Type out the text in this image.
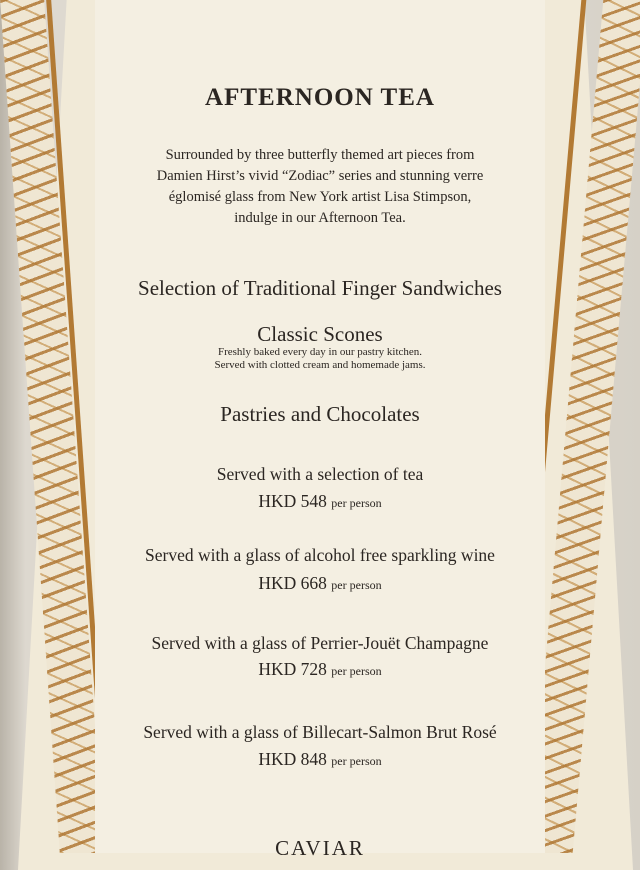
AFTERNOON TEA
Surrounded by three butterfly themed art pieces from
Damien Hirst’s vivid “Zodiac” series and stunning verre
églomisé glass from New York artist Lisa Stimpson,
indulge in our Afternoon Tea.
Selection of Traditional Finger Sandwiches
Classic Scones
Freshly baked every day in our pastry kitchen.
Served with clotted cream and homemade jams.
Pastries and Chocolates
Served with a selection of tea
HKD 548 per person
Served with a glass of alcohol free sparkling wine
HKD 668 per person
Served with a glass of Perrier-Jouët Champagne
HKD 728 per person
Served with a glass of Billecart-Salmon Brut Rosé
HKD 848 per person
CAVIAR
